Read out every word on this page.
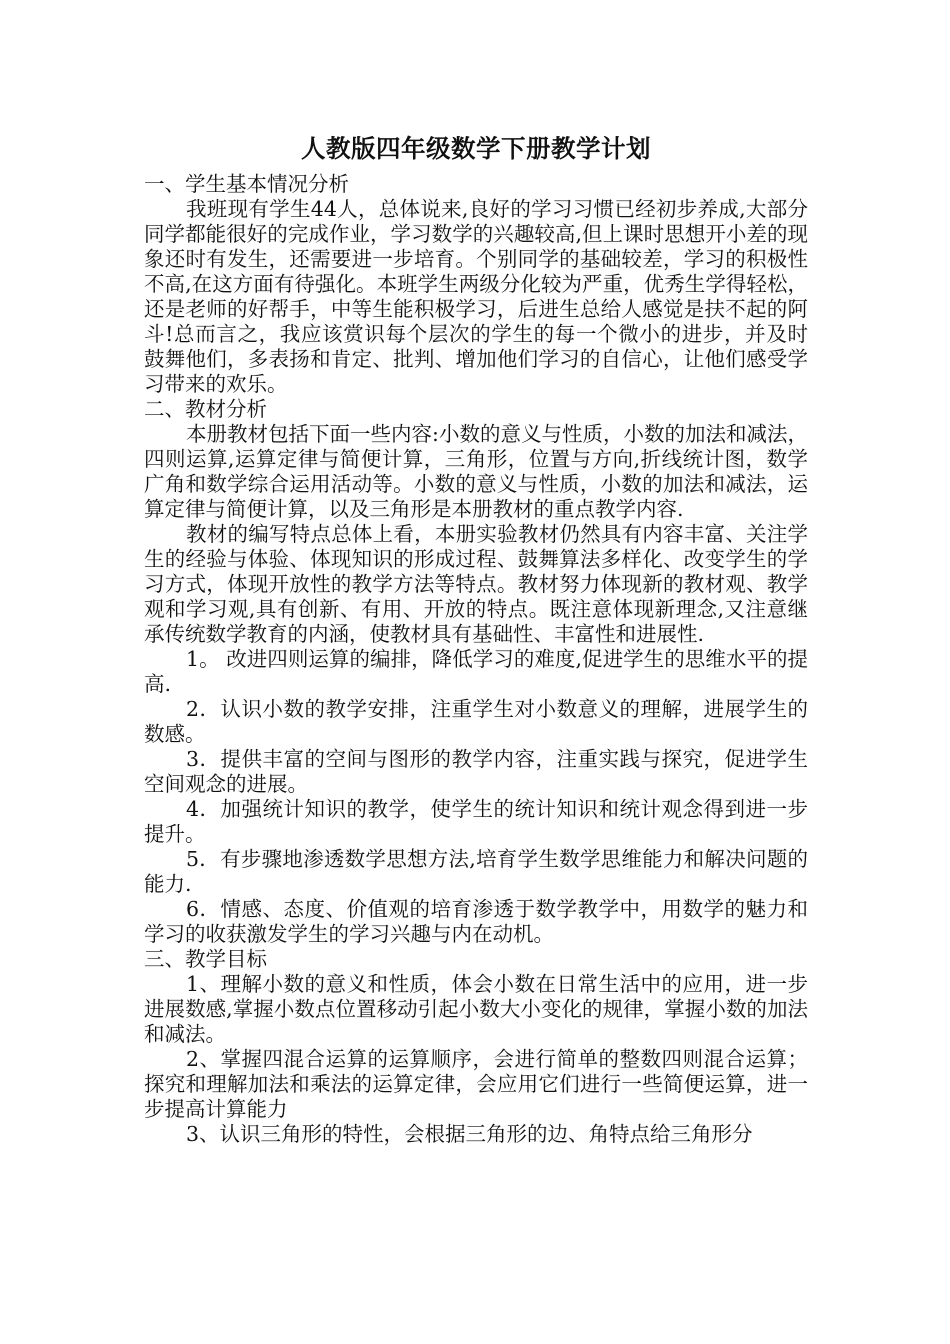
人教版四年级数学下册教学计划

一、学生基本情况分析

我班现有学生44人，总体说来,良好的学习习惯已经初步养成,大部分同学都能很好的完成作业，学习数学的兴趣较高,但上课时思想开小差的现象还时有发生，还需要进一步培育。个别同学的基础较差，学习的积极性不高,在这方面有待强化。本班学生两级分化较为严重，优秀生学得轻松，还是老师的好帮手，中等生能积极学习，后进生总给人感觉是扶不起的阿斗!总而言之，我应该赏识每个层次的学生的每一个微小的进步，并及时鼓舞他们，多表扬和肯定、批判、增加他们学习的自信心，让他们感受学习带来的欢乐。

二、教材分析

本册教材包括下面一些内容:小数的意义与性质，小数的加法和减法，四则运算,运算定律与简便计算，三角形，位置与方向,折线统计图，数学广角和数学综合运用活动等。小数的意义与性质，小数的加法和减法，运算定律与简便计算，以及三角形是本册教材的重点教学内容.

教材的编写特点总体上看，本册实验教材仍然具有内容丰富、关注学生的经验与体验、体现知识的形成过程、鼓舞算法多样化、改变学生的学习方式，体现开放性的教学方法等特点。教材努力体现新的教材观、教学观和学习观,具有创新、有用、开放的特点。既注意体现新理念,又注意继承传统数学教育的内涵，使教材具有基础性、丰富性和进展性.

1。 改进四则运算的编排，降低学习的难度,促进学生的思维水平的提高.

2．认识小数的教学安排，注重学生对小数意义的理解，进展学生的数感。

3．提供丰富的空间与图形的教学内容，注重实践与探究，促进学生空间观念的进展。

4．加强统计知识的教学，使学生的统计知识和统计观念得到进一步提升。

5．有步骤地渗透数学思想方法,培育学生数学思维能力和解决问题的能力.

6．情感、态度、价值观的培育渗透于数学教学中，用数学的魅力和学习的收获激发学生的学习兴趣与内在动机。

三、教学目标

1、理解小数的意义和性质，体会小数在日常生活中的应用，进一步进展数感,掌握小数点位置移动引起小数大小变化的规律，掌握小数的加法和减法。

2、掌握四混合运算的运算顺序，会进行简单的整数四则混合运算；探究和理解加法和乘法的运算定律，会应用它们进行一些简便运算，进一步提高计算能力

3、认识三角形的特性，会根据三角形的边、角特点给三角形分
